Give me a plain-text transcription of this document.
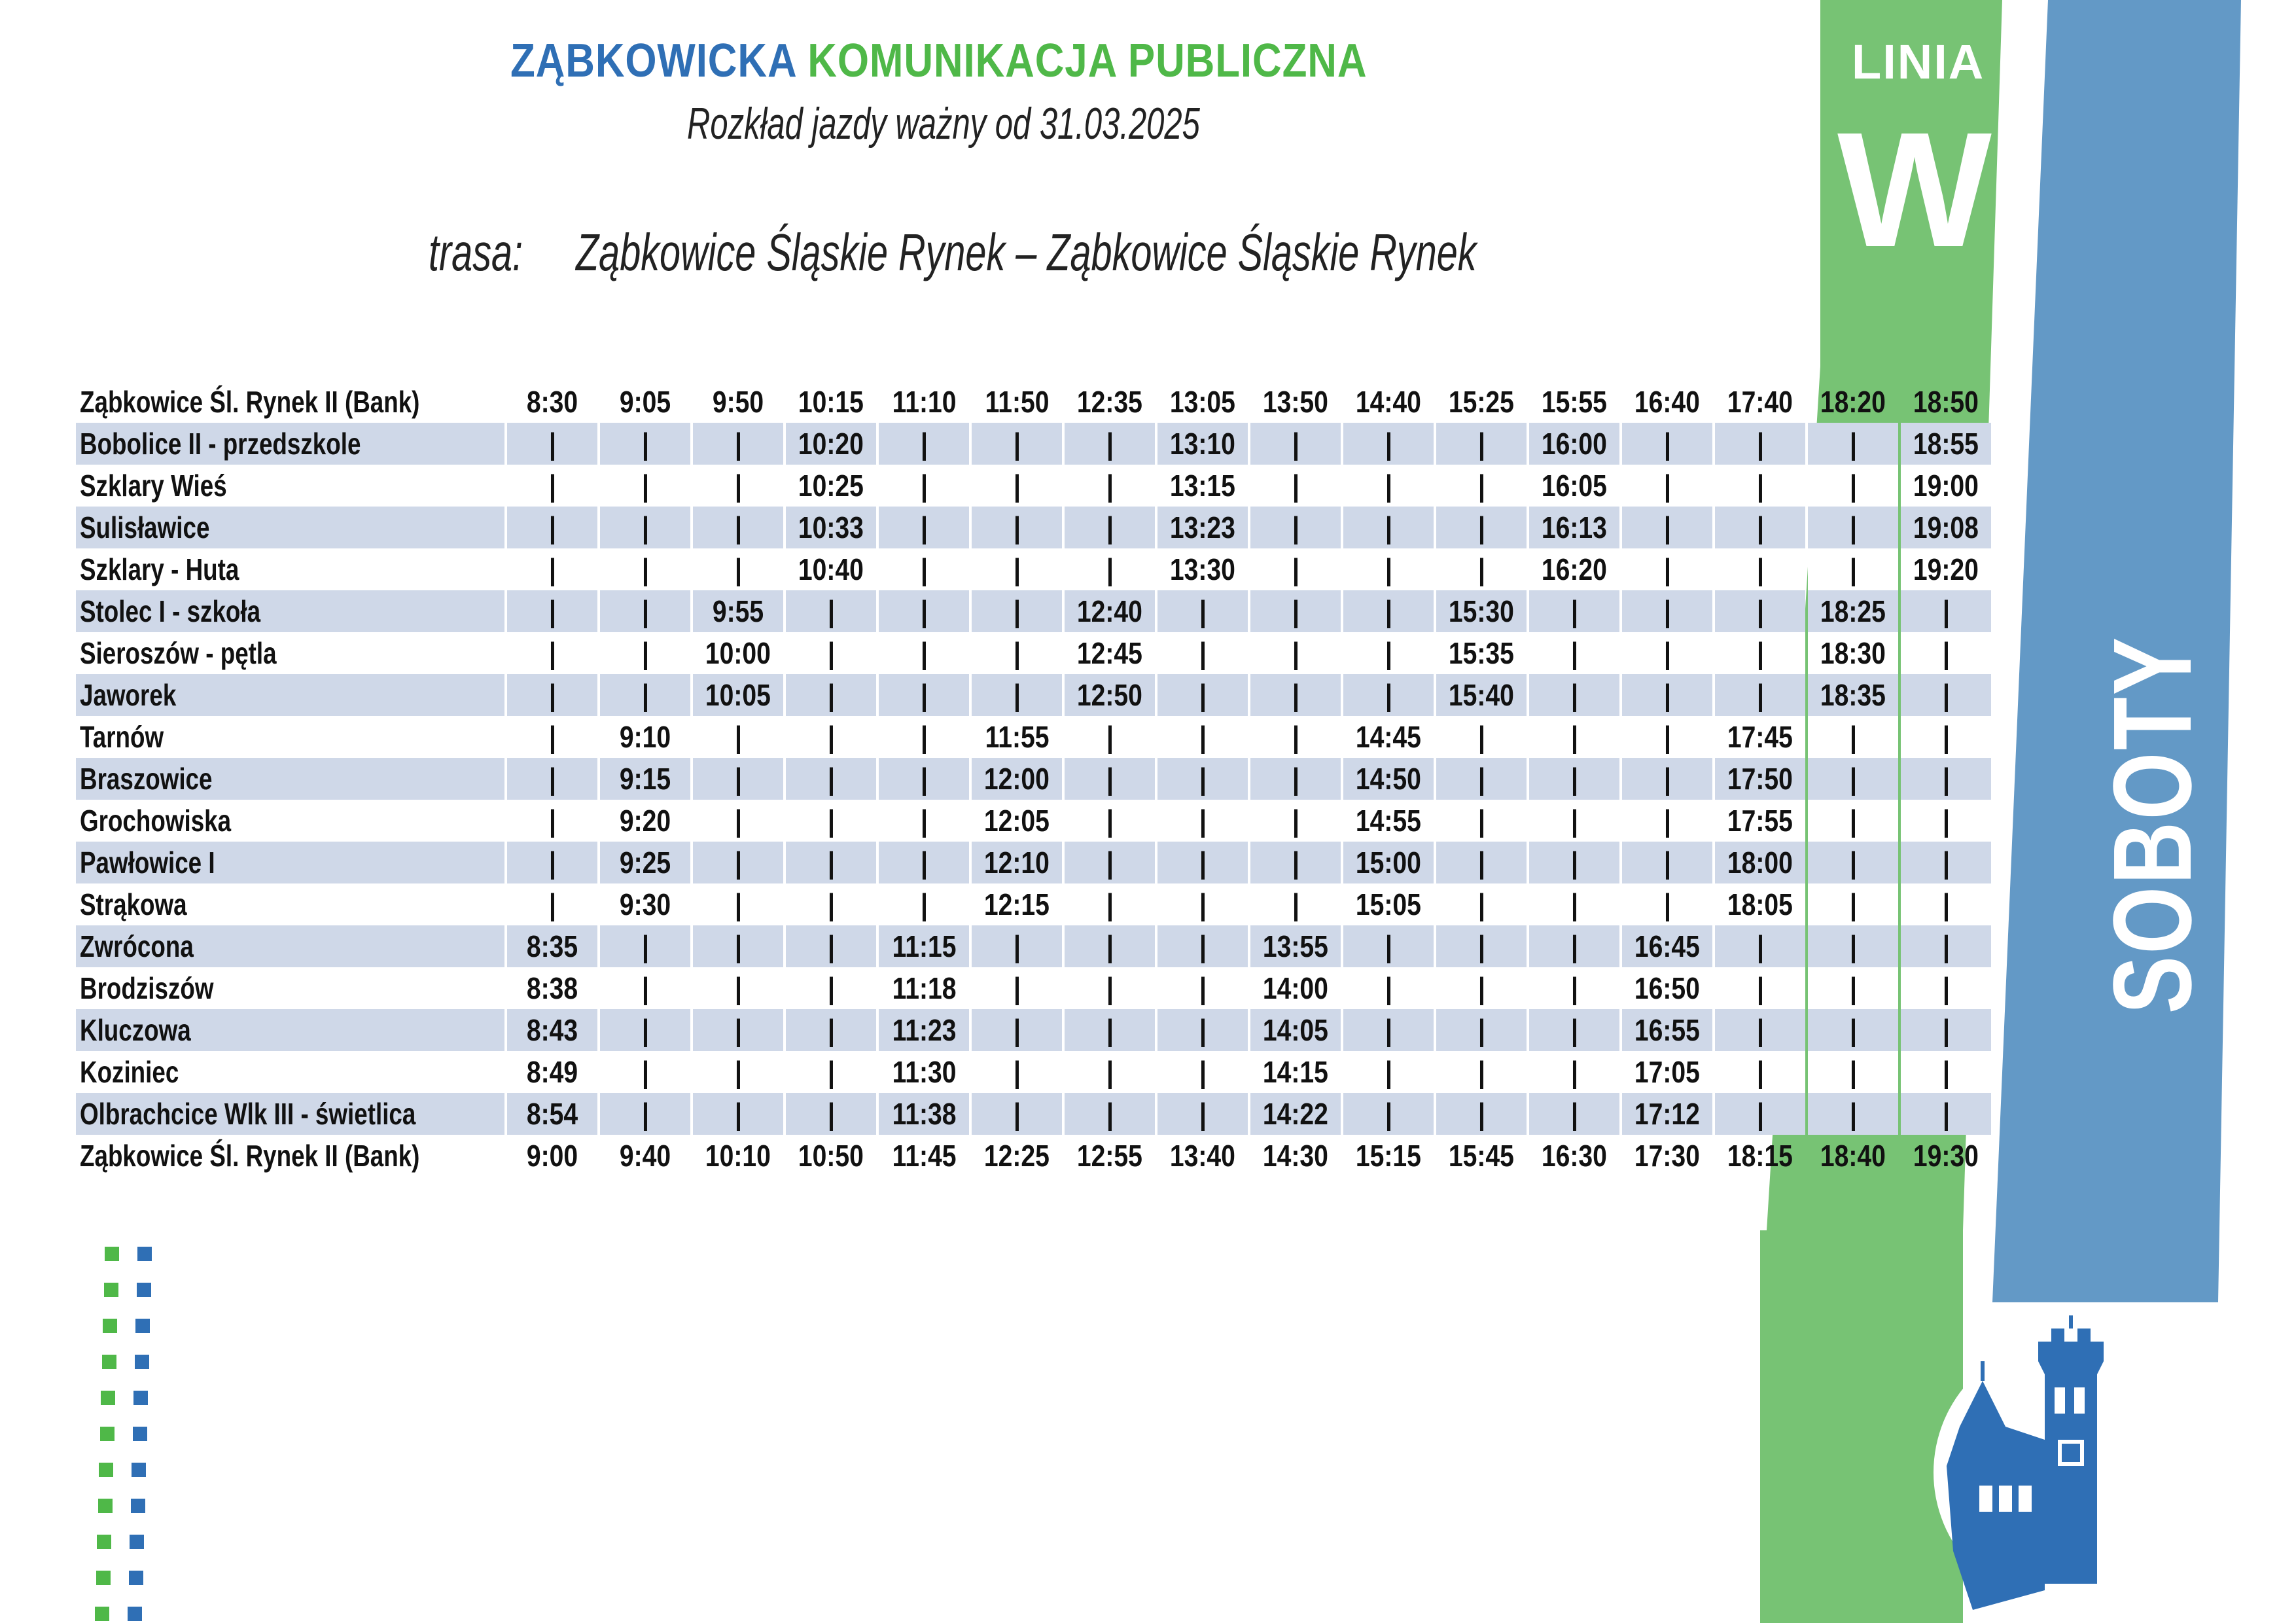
ZĄBKOWICKA KOMUNIKACJA PUBLICZNA
Rozkład jazdy ważny od 31.03.2025
trasa: Ząbkowice Śląskie Rynek – Ząbkowice Śląskie Rynek
LINIA
W
SOBOTY
Ząbkowice Śl. Rynek II (Bank)	8:30	9:05	9:50	10:15	11:10	11:50	12:35	13:05	13:50	14:40	15:25	15:55	16:40	17:40	18:20	18:50
Bobolice II - przedszkole	|	|	|	10:20	|	|	|	13:10	|	|	|	16:00	|	|	|	18:55
Szklary Wieś	|	|	|	10:25	|	|	|	13:15	|	|	|	16:05	|	|	|	19:00
Sulisławice	|	|	|	10:33	|	|	|	13:23	|	|	|	16:13	|	|	|	19:08
Szklary - Huta	|	|	|	10:40	|	|	|	13:30	|	|	|	16:20	|	|	|	19:20
Stolec I - szkoła	|	|	9:55	|	|	|	12:40	|	|	|	15:30	|	|	|	18:25	|
Sieroszów - pętla	|	|	10:00	|	|	|	12:45	|	|	|	15:35	|	|	|	18:30	|
Jaworek	|	|	10:05	|	|	|	12:50	|	|	|	15:40	|	|	|	18:35	|
Tarnów	|	9:10	|	|	|	11:55	|	|	|	14:45	|	|	|	17:45	|	|
Braszowice	|	9:15	|	|	|	12:00	|	|	|	14:50	|	|	|	17:50	|	|
Grochowiska	|	9:20	|	|	|	12:05	|	|	|	14:55	|	|	|	17:55	|	|
Pawłowice I	|	9:25	|	|	|	12:10	|	|	|	15:00	|	|	|	18:00	|	|
Strąkowa	|	9:30	|	|	|	12:15	|	|	|	15:05	|	|	|	18:05	|	|
Zwrócona	8:35	|	|	|	11:15	|	|	|	13:55	|	|	|	16:45	|	|	|
Brodziszów	8:38	|	|	|	11:18	|	|	|	14:00	|	|	|	16:50	|	|	|
Kluczowa	8:43	|	|	|	11:23	|	|	|	14:05	|	|	|	16:55	|	|	|
Koziniec	8:49	|	|	|	11:30	|	|	|	14:15	|	|	|	17:05	|	|	|
Olbrachcice Wlk III - świetlica	8:54	|	|	|	11:38	|	|	|	14:22	|	|	|	17:12	|	|	|
Ząbkowice Śl. Rynek II (Bank)	9:00	9:40	10:10	10:50	11:45	12:25	12:55	13:40	14:30	15:15	15:45	16:30	17:30	18:15	18:40	19:30
